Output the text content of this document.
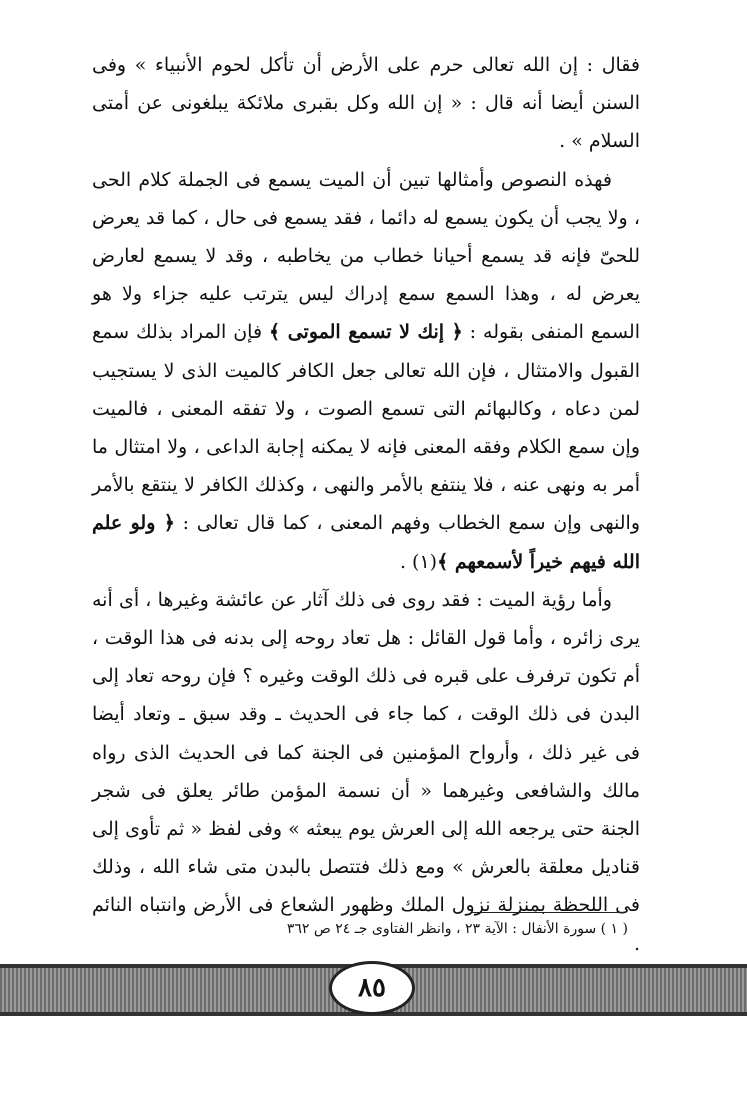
فقال : إن الله تعالى حرم على الأرض أن تأكل لحوم الأنبياء » وفى السنن أيضا أنه قال : « إن الله وكل بقبرى ملائكة يبلغونى عن أمتى السلام » .

فهذه النصوص وأمثالها تبين أن الميت يسمع فى الجملة كلام الحى ، ولا يجب أن يكون يسمع له دائما ، فقد يسمع فى حال ، كما قد يعرض للحىّ فإنه قد يسمع أحيانا خطاب من يخاطبه ، وقد لا يسمع لعارض يعرض له ، وهذا السمع سمع إدراك ليس يترتب عليه جزاء ولا هو السمع المنفى بقوله : ﴿ إنك لا تسمع الموتى ﴾ فإن المراد بذلك سمع القبول والامتثال ، فإن الله تعالى جعل الكافر كالميت الذى لا يستجيب لمن دعاه ، وكالبهائم التى تسمع الصوت ، ولا تفقه المعنى ، فالميت وإن سمع الكلام وفقه المعنى فإنه لا يمكنه إجابة الداعى ، ولا امتثال ما أمر به ونهى عنه ، فلا ينتفع بالأمر والنهى ، وكذلك الكافر لا ينتقع بالأمر والنهى وإن سمع الخطاب وفهم المعنى ، كما قال تعالى : ﴿ ولو علم الله فيهم خيراً لأسمعهم ﴾(١) .

وأما رؤية الميت : فقد روى فى ذلك آثار عن عائشة وغيرها ، أى أنه يرى زائره ، وأما قول القائل : هل تعاد روحه إلى بدنه فى هذا الوقت ، أم تكون ترفرف على قبره فى ذلك الوقت وغيره ؟ فإن روحه تعاد إلى البدن فى ذلك الوقت ، كما جاء فى الحديث ـ وقد سبق ـ وتعاد أيضا فى غير ذلك ، وأرواح المؤمنين فى الجنة كما فى الحديث الذى رواه مالك والشافعى وغيرهما « أن نسمة المؤمن طائر يعلق فى شجر الجنة حتى يرجعه الله إلى العرش يوم يبعثه » وفى لفظ « ثم تأوى إلى قناديل معلقة بالعرش » ومع ذلك فتتصل بالبدن متى شاء الله ، وذلك فى اللحظة بمنزلة نزول الملك وظهور الشعاع فى الأرض وانتباه النائم .

( ١ ) سورة الأنفال : الآية ٢٣ ، وانظر الفتاوى جـ ٢٤ ص ٣٦٢
٨٥
